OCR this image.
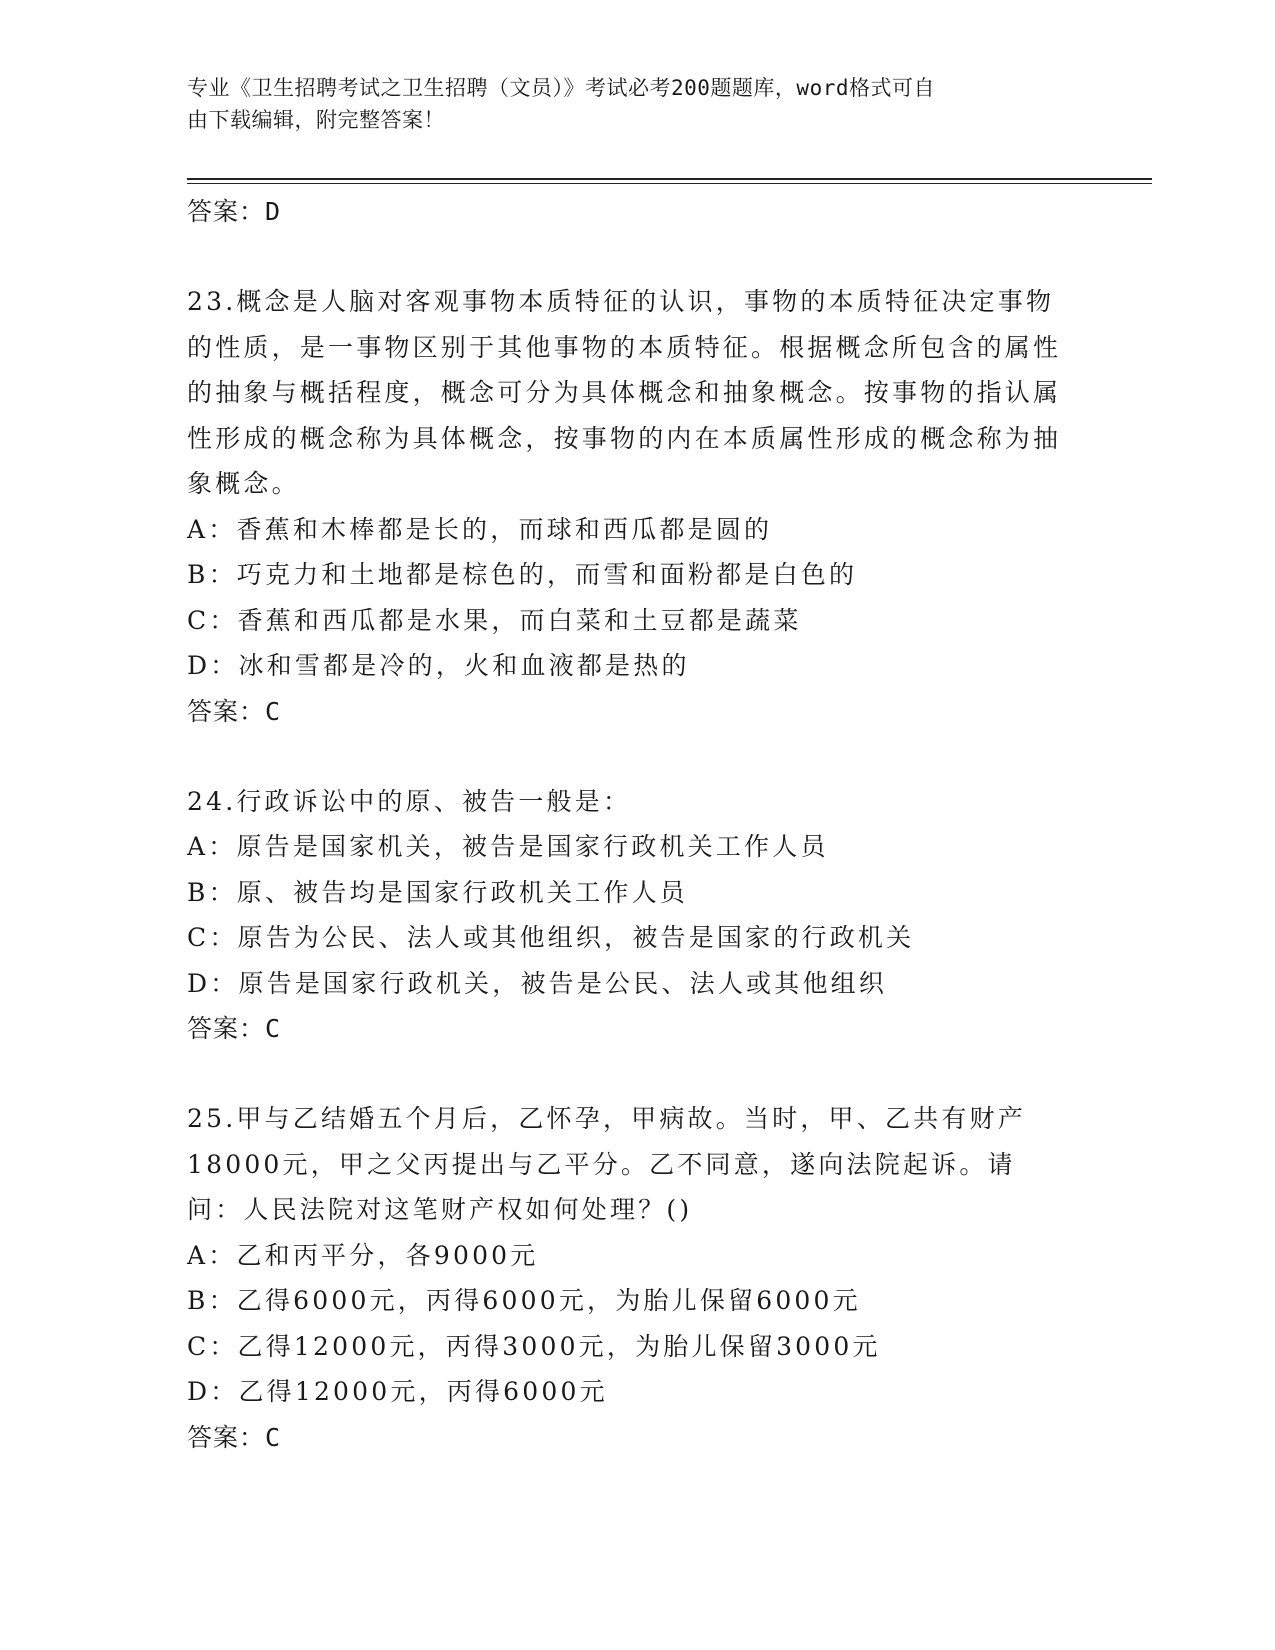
专业《卫生招聘考试之卫生招聘（文员）》考试必考200题题库，word格式可自
由下载编辑，附完整答案！
答案：D
23.概念是人脑对客观事物本质特征的认识，事物的本质特征决定事物的性质，是一事物区别于其他事物的本质特征。根据概念所包含的属性的抽象与概括程度，概念可分为具体概念和抽象概念。按事物的指认属性形成的概念称为具体概念，按事物的内在本质属性形成的概念称为抽象概念。
A：香蕉和木棒都是长的，而球和西瓜都是圆的
B：巧克力和土地都是棕色的，而雪和面粉都是白色的
C：香蕉和西瓜都是水果，而白菜和土豆都是蔬菜
D：冰和雪都是冷的，火和血液都是热的
答案：C
24.行政诉讼中的原、被告一般是：
A：原告是国家机关，被告是国家行政机关工作人员
B：原、被告均是国家行政机关工作人员
C：原告为公民、法人或其他组织，被告是国家的行政机关
D：原告是国家行政机关，被告是公民、法人或其他组织
答案：C
25.甲与乙结婚五个月后，乙怀孕，甲病故。当时，甲、乙共有财产18000元，甲之父丙提出与乙平分。乙不同意，遂向法院起诉。请问：人民法院对这笔财产权如何处理？()
A：乙和丙平分，各9000元
B：乙得6000元，丙得6000元，为胎儿保留6000元
C：乙得12000元，丙得3000元，为胎儿保留3000元
D：乙得12000元，丙得6000元
答案：C
